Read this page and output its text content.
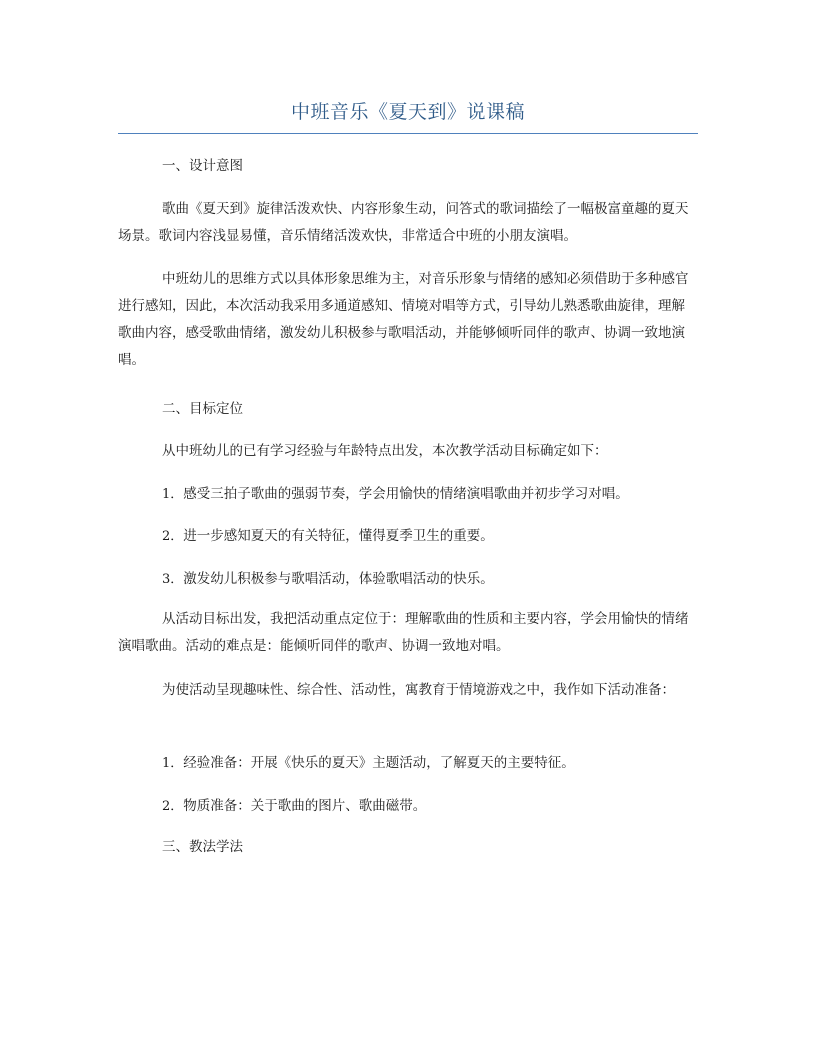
中班音乐《夏天到》说课稿

一、设计意图

歌曲《夏天到》旋律活泼欢快、内容形象生动，问答式的歌词描绘了一幅极富童趣的夏天场景。歌词内容浅显易懂，音乐情绪活泼欢快，非常适合中班的小朋友演唱。

中班幼儿的思维方式以具体形象思维为主，对音乐形象与情绪的感知必须借助于多种感官进行感知，因此，本次活动我采用多通道感知、情境对唱等方式，引导幼儿熟悉歌曲旋律，理解歌曲内容，感受歌曲情绪，激发幼儿积极参与歌唱活动，并能够倾听同伴的歌声、协调一致地演唱。

二、目标定位

从中班幼儿的已有学习经验与年龄特点出发，本次教学活动目标确定如下：

1．感受三拍子歌曲的强弱节奏，学会用愉快的情绪演唱歌曲并初步学习对唱。

2．进一步感知夏天的有关特征，懂得夏季卫生的重要。

3．激发幼儿积极参与歌唱活动，体验歌唱活动的快乐。

从活动目标出发，我把活动重点定位于：理解歌曲的性质和主要内容，学会用愉快的情绪演唱歌曲。活动的难点是：能倾听同伴的歌声、协调一致地对唱。

为使活动呈现趣味性、综合性、活动性，寓教育于情境游戏之中，我作如下活动准备：

1．经验准备：开展《快乐的夏天》主题活动，了解夏天的主要特征。

2．物质准备：关于歌曲的图片、歌曲磁带。

三、教法学法
